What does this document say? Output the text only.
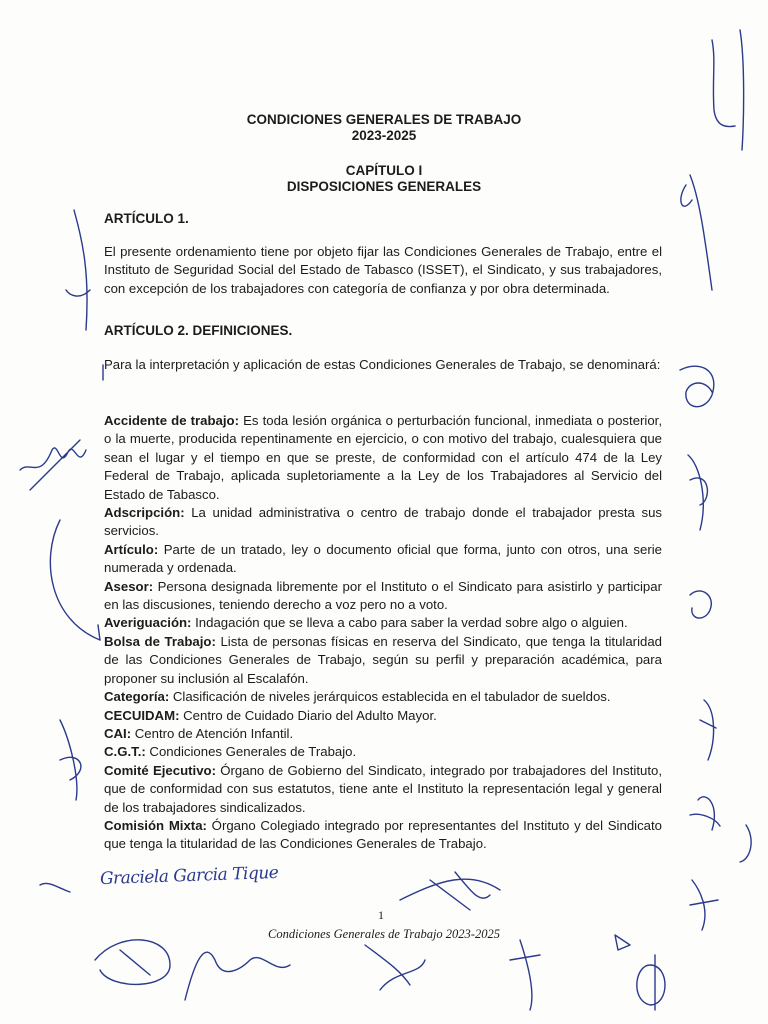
CONDICIONES GENERALES DE TRABAJO
2023-2025
CAPÍTULO I
DISPOSICIONES GENERALES
ARTÍCULO 1.

El presente ordenamiento tiene por objeto fijar las Condiciones Generales de Trabajo, entre el Instituto de Seguridad Social del Estado de Tabasco (ISSET), el Sindicato, y sus trabajadores, con excepción de los trabajadores con categoría de confianza y por obra determinada.

ARTÍCULO 2. DEFINICIONES.

Para la interpretación y aplicación de estas Condiciones Generales de Trabajo, se denominará:

Accidente de trabajo: Es toda lesión orgánica o perturbación funcional, inmediata o posterior, o la muerte, producida repentinamente en ejercicio, o con motivo del trabajo, cualesquiera que sean el lugar y el tiempo en que se preste, de conformidad con el artículo 474 de la Ley Federal de Trabajo, aplicada supletoriamente a la Ley de los Trabajadores al Servicio del Estado de Tabasco.

Adscripción: La unidad administrativa o centro de trabajo donde el trabajador presta sus servicios.

Artículo: Parte de un tratado, ley o documento oficial que forma, junto con otros, una serie numerada y ordenada.

Asesor: Persona designada libremente por el Instituto o el Sindicato para asistirlo y participar en las discusiones, teniendo derecho a voz pero no a voto.

Averiguación: Indagación que se lleva a cabo para saber la verdad sobre algo o alguien.

Bolsa de Trabajo: Lista de personas físicas en reserva del Sindicato, que tenga la titularidad de las Condiciones Generales de Trabajo, según su perfil y preparación académica, para proponer su inclusión al Escalafón.

Categoría: Clasificación de niveles jerárquicos establecida en el tabulador de sueldos.

CECUIDAM: Centro de Cuidado Diario del Adulto Mayor.

CAI: Centro de Atención Infantil.

C.G.T.: Condiciones Generales de Trabajo.

Comité Ejecutivo: Órgano de Gobierno del Sindicato, integrado por trabajadores del Instituto, que de conformidad con sus estatutos, tiene ante el Instituto la representación legal y general de los trabajadores sindicalizados.

Comisión Mixta: Órgano Colegiado integrado por representantes del Instituto y del Sindicato que tenga la titularidad de las Condiciones Generales de Trabajo.

Graciela Garcia Tique
1
Condiciones Generales de Trabajo 2023-2025
